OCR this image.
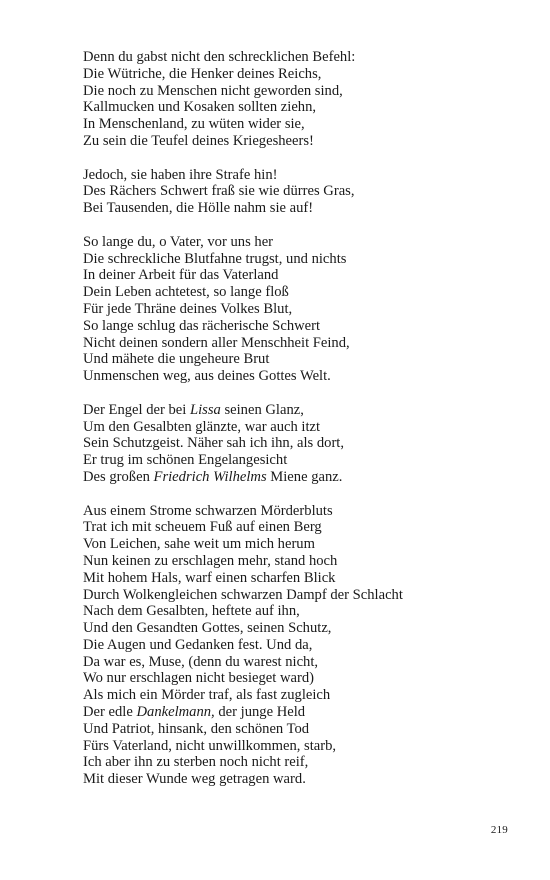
Denn du gabst nicht den schrecklichen Befehl:
Die Wütriche, die Henker deines Reichs,
Die noch zu Menschen nicht geworden sind,
Kallmucken und Kosaken sollten ziehn,
In Menschenland, zu wüten wider sie,
Zu sein die Teufel deines Kriegesheers!
Jedoch, sie haben ihre Strafe hin!
Des Rächers Schwert fraß sie wie dürres Gras,
Bei Tausenden, die Hölle nahm sie auf!
So lange du, o Vater, vor uns her
Die schreckliche Blutfahne trugst, und nichts
In deiner Arbeit für das Vaterland
Dein Leben achtetest, so lange floß
Für jede Thräne deines Volkes Blut,
So lange schlug das rächerische Schwert
Nicht deinen sondern aller Menschheit Feind,
Und mähete die ungeheure Brut
Unmenschen weg, aus deines Gottes Welt.
Der Engel der bei Lissa seinen Glanz,
Um den Gesalbten glänzte, war auch itzt
Sein Schutzgeist. Näher sah ich ihn, als dort,
Er trug im schönen Engelangesicht
Des großen Friedrich Wilhelms Miene ganz.
Aus einem Strome schwarzen Mörderbluts
Trat ich mit scheuem Fuß auf einen Berg
Von Leichen, sahe weit um mich herum
Nun keinen zu erschlagen mehr, stand hoch
Mit hohem Hals, warf einen scharfen Blick
Durch Wolkengleichen schwarzen Dampf der Schlacht
Nach dem Gesalbten, heftete auf ihn,
Und den Gesandten Gottes, seinen Schutz,
Die Augen und Gedanken fest. Und da,
Da war es, Muse, (denn du warest nicht,
Wo nur erschlagen nicht besieget ward)
Als mich ein Mörder traf, als fast zugleich
Der edle Dankelmann, der junge Held
Und Patriot, hinsank, den schönen Tod
Fürs Vaterland, nicht unwillkommen, starb,
Ich aber ihn zu sterben noch nicht reif,
Mit dieser Wunde weg getragen ward.
219
